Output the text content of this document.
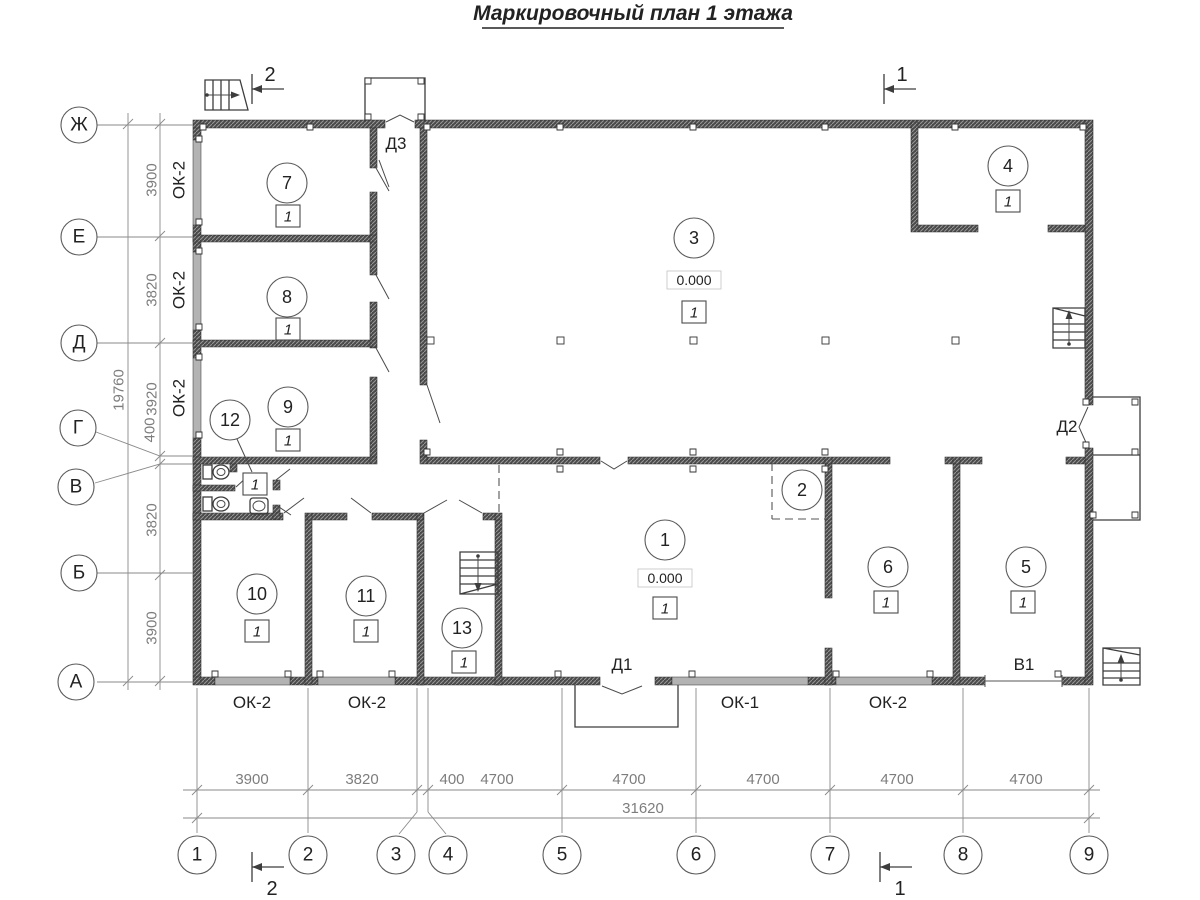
Маркировочный план 1 этажа
1
0.000
1
2
3
0.000
1
4
1
5
1
6
1
7
1
8
1
9
1
10
1
11
1
12
1
13
1
Д3
Д1
Д2
В1
ОК-2
ОК-2
ОК-2
ОК-2	ОК-2	ОК-1	ОК-2
2	1
2	1
Ж
Е
Д
Г
В
Б
А
3900
3820
3920
400
3820
3900
19760
1	2	3 4	5	6	7	8	9
3900	3820	400 4700	4700	4700	4700	4700
31620
